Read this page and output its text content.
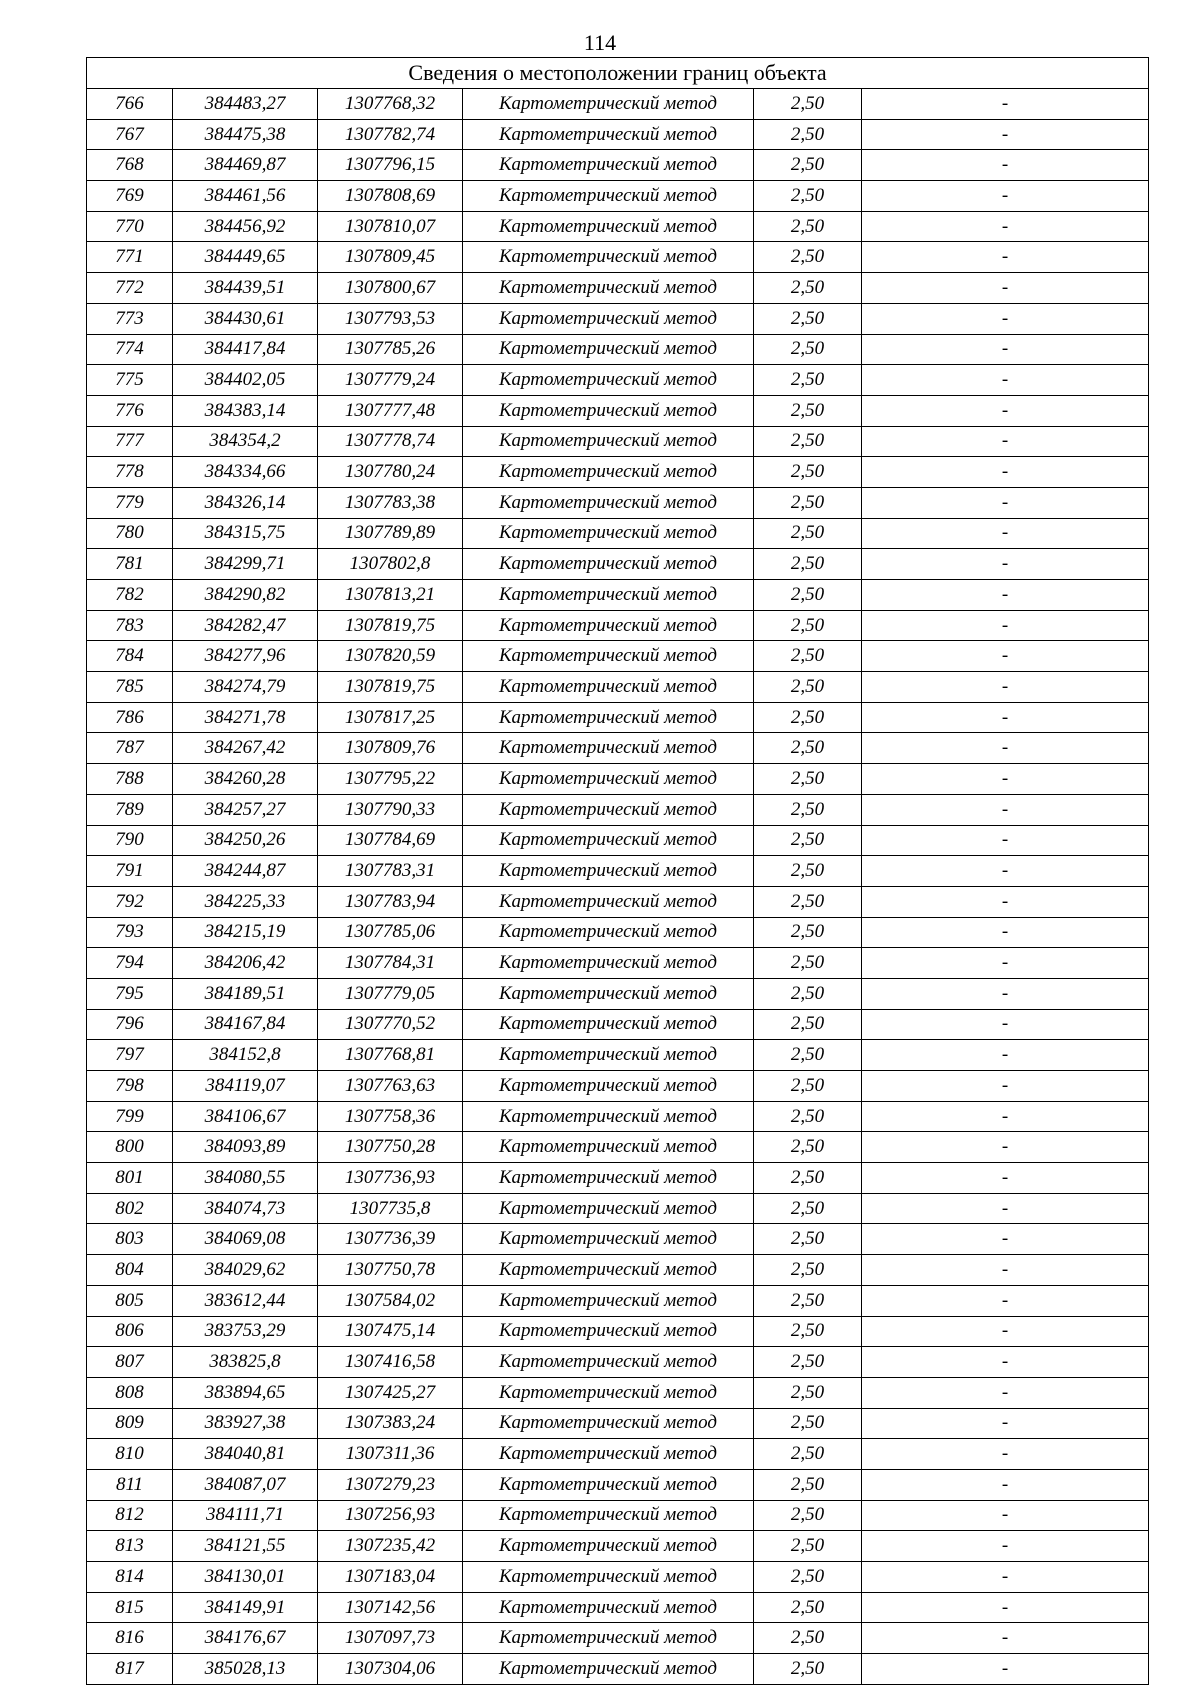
114
Сведения о местоположении границ объекта					
766	384483,27	1307768,32	Картометрический метод	2,50	-
767	384475,38	1307782,74	Картометрический метод	2,50	-
768	384469,87	1307796,15	Картометрический метод	2,50	-
769	384461,56	1307808,69	Картометрический метод	2,50	-
770	384456,92	1307810,07	Картометрический метод	2,50	-
771	384449,65	1307809,45	Картометрический метод	2,50	-
772	384439,51	1307800,67	Картометрический метод	2,50	-
773	384430,61	1307793,53	Картометрический метод	2,50	-
774	384417,84	1307785,26	Картометрический метод	2,50	-
775	384402,05	1307779,24	Картометрический метод	2,50	-
776	384383,14	1307777,48	Картометрический метод	2,50	-
777	384354,2	1307778,74	Картометрический метод	2,50	-
778	384334,66	1307780,24	Картометрический метод	2,50	-
779	384326,14	1307783,38	Картометрический метод	2,50	-
780	384315,75	1307789,89	Картометрический метод	2,50	-
781	384299,71	1307802,8	Картометрический метод	2,50	-
782	384290,82	1307813,21	Картометрический метод	2,50	-
783	384282,47	1307819,75	Картометрический метод	2,50	-
784	384277,96	1307820,59	Картометрический метод	2,50	-
785	384274,79	1307819,75	Картометрический метод	2,50	-
786	384271,78	1307817,25	Картометрический метод	2,50	-
787	384267,42	1307809,76	Картометрический метод	2,50	-
788	384260,28	1307795,22	Картометрический метод	2,50	-
789	384257,27	1307790,33	Картометрический метод	2,50	-
790	384250,26	1307784,69	Картометрический метод	2,50	-
791	384244,87	1307783,31	Картометрический метод	2,50	-
792	384225,33	1307783,94	Картометрический метод	2,50	-
793	384215,19	1307785,06	Картометрический метод	2,50	-
794	384206,42	1307784,31	Картометрический метод	2,50	-
795	384189,51	1307779,05	Картометрический метод	2,50	-
796	384167,84	1307770,52	Картометрический метод	2,50	-
797	384152,8	1307768,81	Картометрический метод	2,50	-
798	384119,07	1307763,63	Картометрический метод	2,50	-
799	384106,67	1307758,36	Картометрический метод	2,50	-
800	384093,89	1307750,28	Картометрический метод	2,50	-
801	384080,55	1307736,93	Картометрический метод	2,50	-
802	384074,73	1307735,8	Картометрический метод	2,50	-
803	384069,08	1307736,39	Картометрический метод	2,50	-
804	384029,62	1307750,78	Картометрический метод	2,50	-
805	383612,44	1307584,02	Картометрический метод	2,50	-
806	383753,29	1307475,14	Картометрический метод	2,50	-
807	383825,8	1307416,58	Картометрический метод	2,50	-
808	383894,65	1307425,27	Картометрический метод	2,50	-
809	383927,38	1307383,24	Картометрический метод	2,50	-
810	384040,81	1307311,36	Картометрический метод	2,50	-
811	384087,07	1307279,23	Картометрический метод	2,50	-
812	384111,71	1307256,93	Картометрический метод	2,50	-
813	384121,55	1307235,42	Картометрический метод	2,50	-
814	384130,01	1307183,04	Картометрический метод	2,50	-
815	384149,91	1307142,56	Картометрический метод	2,50	-
816	384176,67	1307097,73	Картометрический метод	2,50	-
817	385028,13	1307304,06	Картометрический метод	2,50	-
